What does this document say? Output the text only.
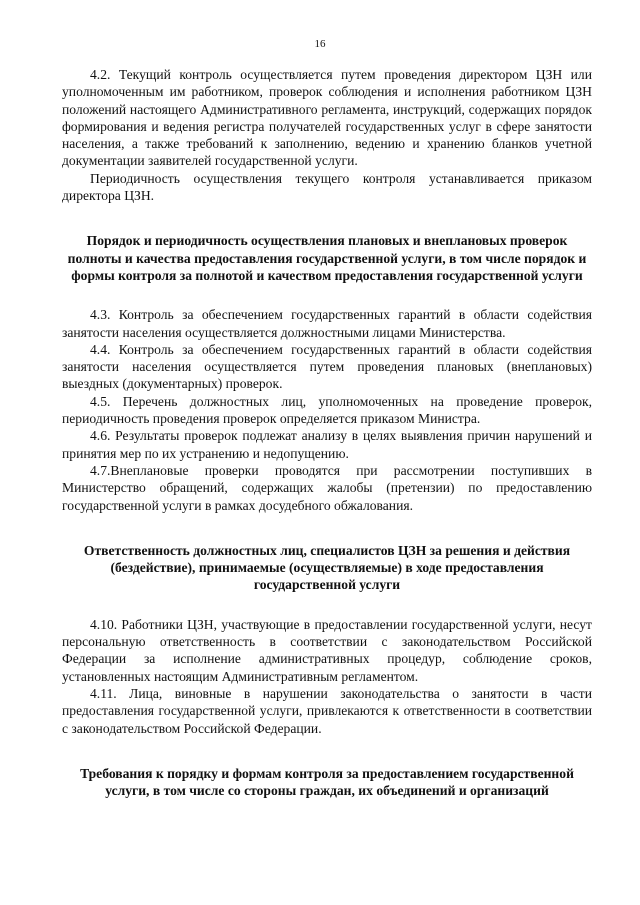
16

4.2. Текущий контроль осуществляется путем проведения директором ЦЗН или уполномоченным им работником, проверок соблюдения и исполнения работником ЦЗН положений настоящего Административного регламента, инструкций, содержащих порядок формирования и ведения регистра получателей государственных услуг в сфере занятости населения, а также требований к заполнению, ведению и хранению бланков учетной документации заявителей государственной услуги.

Периодичность осуществления текущего контроля устанавливается приказом директора ЦЗН.

Порядок и периодичность осуществления плановых и внеплановых проверок полноты и качества предоставления государственной услуги, в том числе порядок и формы контроля за полнотой и качеством предоставления государственной услуги

4.3. Контроль за обеспечением государственных гарантий в области содействия занятости населения осуществляется должностными лицами Министерства.

4.4. Контроль за обеспечением государственных гарантий в области содействия занятости населения осуществляется путем проведения плановых (внеплановых) выездных (документарных) проверок.

4.5. Перечень должностных лиц, уполномоченных на проведение проверок, периодичность проведения проверок определяется приказом Министра.

4.6. Результаты проверок подлежат анализу в целях выявления причин нарушений и принятия мер по их устранению и недопущению.

4.7.Внеплановые проверки проводятся при рассмотрении поступивших в Министерство обращений, содержащих жалобы (претензии) по предоставлению государственной услуги в рамках досудебного обжалования.

Ответственность должностных лиц, специалистов ЦЗН за решения и действия (бездействие), принимаемые (осуществляемые) в ходе предоставления государственной услуги

4.10. Работники ЦЗН, участвующие в предоставлении государственной услуги, несут персональную ответственность в соответствии с законодательством Российской Федерации за исполнение административных процедур, соблюдение сроков, установленных настоящим Административным регламентом.

4.11. Лица, виновные в нарушении законодательства о занятости в части предоставления государственной услуги, привлекаются к ответственности в соответствии с законодательством Российской Федерации.

Требования к порядку и формам контроля за предоставлением государственной услуги, в том числе со стороны граждан, их объединений и организаций
